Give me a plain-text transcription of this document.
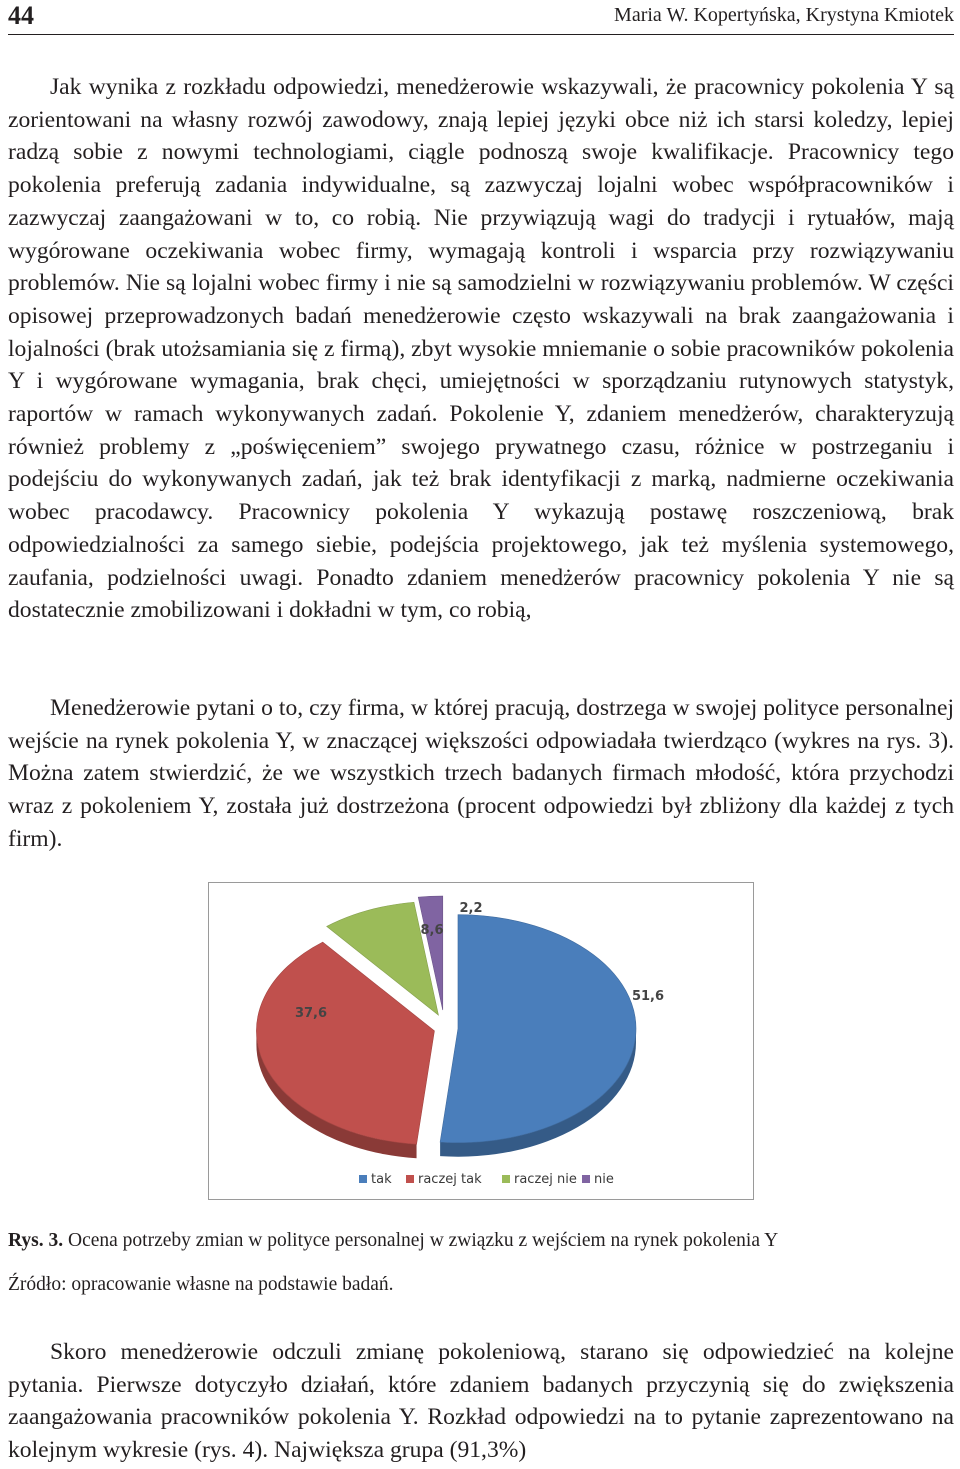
44	Maria W. Kopertyńska, Krystyna Kmiotek

Jak wynika z rozkładu odpowiedzi, menedżerowie wskazywali, że pracownicy pokolenia Y są zorientowani na własny rozwój zawodowy, znają lepiej języki obce niż ich starsi koledzy, lepiej radzą sobie z nowymi technologiami, ciągle podnoszą swoje kwalifikacje. Pracownicy tego pokolenia preferują zadania indywidualne, są zazwyczaj lojalni wobec współpracowników i zazwyczaj zaangażowani w to, co robią. Nie przywiązują wagi do tradycji i rytuałów, mają wygórowane oczekiwania wobec firmy, wymagają kontroli i wsparcia przy rozwiązywaniu problemów. Nie są lojalni wobec firmy i nie są samodzielni w rozwiązywaniu problemów. W części opisowej przeprowadzonych badań menedżerowie często wskazywali na brak zaangażowania i lojalności (brak utożsamiania się z firmą), zbyt wysokie mniemanie o sobie pracowników pokolenia Y i wygórowane wymagania, brak chęci, umiejętności w sporządzaniu rutynowych statystyk, raportów w ramach wykonywanych zadań. Pokolenie Y, zdaniem menedżerów, charakteryzują również problemy z „poświęceniem” swojego prywatnego czasu, różnice w postrzeganiu i podejściu do wykonywanych zadań, jak też brak identyfikacji z marką, nadmierne oczekiwania wobec pracodawcy. Pracownicy pokolenia Y wykazują postawę roszczeniową, brak odpowiedzialności za samego siebie, podejścia projektowego, jak też myślenia systemowego, zaufania, podzielności uwagi. Ponadto zdaniem menedżerów pracownicy pokolenia Y nie są dostatecznie zmobilizowani i dokładni w tym, co robią,

Menedżerowie pytani o to, czy firma, w której pracują, dostrzega w swojej polityce personalnej wejście na rynek pokolenia Y, w znaczącej większości odpowiadała twierdząco (wykres na rys. 3). Można zatem stwierdzić, że we wszystkich trzech badanych firmach młodość, która przychodzi wraz z pokoleniem Y, została już dostrzeżona (procent odpowiedzi był zbliżony dla każdej z tych firm).

51,6
37,6
8,6
2,2
tak raczej tak raczej nie nie
Rys. 3. Ocena potrzeby zmian w polityce personalnej w związku z wejściem na rynek pokolenia Y
Źródło: opracowanie własne na podstawie badań.

Skoro menedżerowie odczuli zmianę pokoleniową, starano się odpowiedzieć na kolejne pytania. Pierwsze dotyczyło działań, które zdaniem badanych przyczynią się do zwiększenia zaangażowania pracowników pokolenia Y. Rozkład odpowiedzi na to pytanie zaprezentowano na kolejnym wykresie (rys. 4). Największa grupa (91,3%)
